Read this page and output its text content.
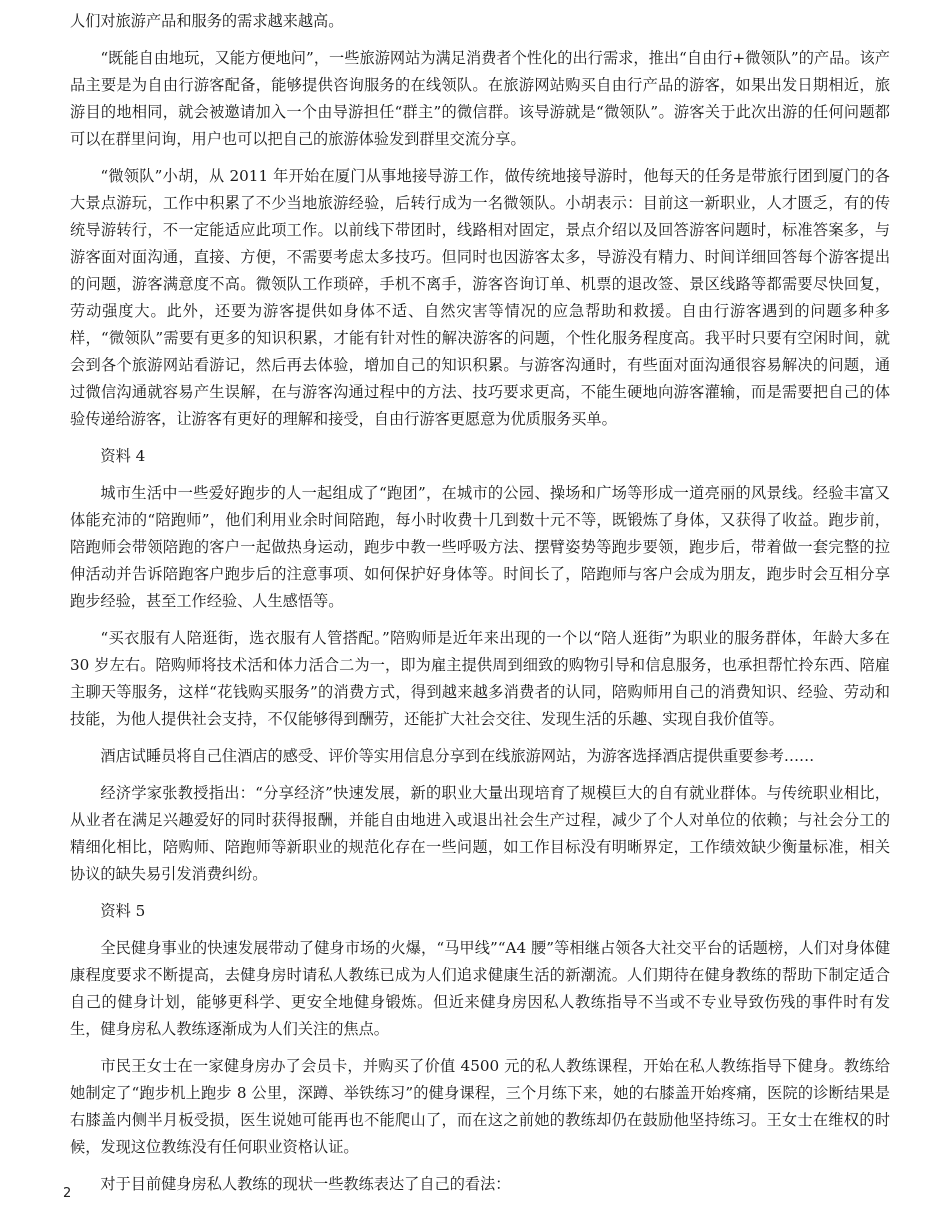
人们对旅游产品和服务的需求越来越高。

“既能自由地玩，又能方便地问”，一些旅游网站为满足消费者个性化的出行需求，推出“自由行+微领队”的产品。该产品主要是为自由行游客配备，能够提供咨询服务的在线领队。在旅游网站购买自由行产品的游客，如果出发日期相近，旅游目的地相同，就会被邀请加入一个由导游担任“群主”的微信群。该导游就是“微领队”。游客关于此次出游的任何问题都可以在群里问询，用户也可以把自己的旅游体验发到群里交流分享。

“微领队”小胡，从 2011 年开始在厦门从事地接导游工作，做传统地接导游时，他每天的任务是带旅行团到厦门的各大景点游玩，工作中积累了不少当地旅游经验，后转行成为一名微领队。小胡表示：目前这一新职业，人才匮乏，有的传统导游转行，不一定能适应此项工作。以前线下带团时，线路相对固定，景点介绍以及回答游客问题时，标准答案多，与游客面对面沟通，直接、方便，不需要考虑太多技巧。但同时也因游客太多，导游没有精力、时间详细回答每个游客提出的问题，游客满意度不高。微领队工作琐碎，手机不离手，游客咨询订单、机票的退改签、景区线路等都需要尽快回复，劳动强度大。此外，还要为游客提供如身体不适、自然灾害等情况的应急帮助和救援。自由行游客遇到的问题多种多样，“微领队”需要有更多的知识积累，才能有针对性的解决游客的问题，个性化服务程度高。我平时只要有空闲时间，就会到各个旅游网站看游记，然后再去体验，增加自己的知识积累。与游客沟通时，有些面对面沟通很容易解决的问题，通过微信沟通就容易产生误解，在与游客沟通过程中的方法、技巧要求更高，不能生硬地向游客灌输，而是需要把自己的体验传递给游客，让游客有更好的理解和接受，自由行游客更愿意为优质服务买单。

资料 4

城市生活中一些爱好跑步的人一起组成了“跑团”，在城市的公园、操场和广场等形成一道亮丽的风景线。经验丰富又体能充沛的“陪跑师”，他们利用业余时间陪跑，每小时收费十几到数十元不等，既锻炼了身体，又获得了收益。跑步前，陪跑师会带领陪跑的客户一起做热身运动，跑步中教一些呼吸方法、摆臂姿势等跑步要领，跑步后，带着做一套完整的拉伸活动并告诉陪跑客户跑步后的注意事项、如何保护好身体等。时间长了，陪跑师与客户会成为朋友，跑步时会互相分享跑步经验，甚至工作经验、人生感悟等。

“买衣服有人陪逛街，选衣服有人管搭配。”陪购师是近年来出现的一个以“陪人逛街”为职业的服务群体，年龄大多在 30 岁左右。陪购师将技术活和体力活合二为一，即为雇主提供周到细致的购物引导和信息服务，也承担帮忙拎东西、陪雇主聊天等服务，这样“花钱购买服务”的消费方式，得到越来越多消费者的认同，陪购师用自己的消费知识、经验、劳动和技能，为他人提供社会支持，不仅能够得到酬劳，还能扩大社会交往、发现生活的乐趣、实现自我价值等。

酒店试睡员将自己住酒店的感受、评价等实用信息分享到在线旅游网站，为游客选择酒店提供重要参考……

经济学家张教授指出：“分享经济”快速发展，新的职业大量出现培育了规模巨大的自有就业群体。与传统职业相比，从业者在满足兴趣爱好的同时获得报酬，并能自由地进入或退出社会生产过程，减少了个人对单位的依赖；与社会分工的精细化相比，陪购师、陪跑师等新职业的规范化存在一些问题，如工作目标没有明晰界定，工作绩效缺少衡量标准，相关协议的缺失易引发消费纠纷。

资料 5

全民健身事业的快速发展带动了健身市场的火爆，“马甲线”“A4 腰”等相继占领各大社交平台的话题榜，人们对身体健康程度要求不断提高，去健身房时请私人教练已成为人们追求健康生活的新潮流。人们期待在健身教练的帮助下制定适合自己的健身计划，能够更科学、更安全地健身锻炼。但近来健身房因私人教练指导不当或不专业导致伤残的事件时有发生，健身房私人教练逐渐成为人们关注的焦点。

市民王女士在一家健身房办了会员卡，并购买了价值 4500 元的私人教练课程，开始在私人教练指导下健身。教练给她制定了“跑步机上跑步 8 公里，深蹲、举铁练习”的健身课程，三个月练下来，她的右膝盖开始疼痛，医院的诊断结果是右膝盖内侧半月板受损，医生说她可能再也不能爬山了，而在这之前她的教练却仍在鼓励他坚持练习。王女士在维权的时候，发现这位教练没有任何职业资格认证。

对于目前健身房私人教练的现状一些教练表达了自己的看法：

2
